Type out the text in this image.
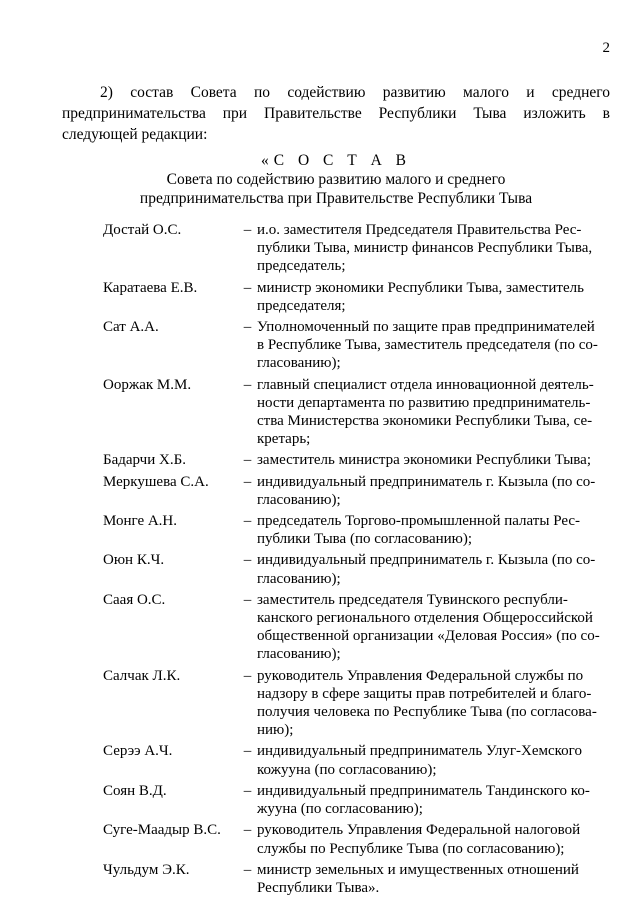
2
2) состав Совета по содействию развитию малого и среднего предпринимательства при Правительстве Республики Тыва изложить в следующей редакции:
«С О С Т А В
Совета по содействию развитию малого и среднего
предпринимательства при Правительстве Республики Тыва
Достай О.С.	– и.о. заместителя Председателя Правительства Рес-
публики Тыва, министр финансов Республики Тыва,
председатель;
Каратаева Е.В.	– министр экономики Республики Тыва, заместитель
председателя;
Сат А.А.	– Уполномоченный по защите прав предпринимателей
в Республике Тыва, заместитель председателя (по со-
гласованию);
Ооржак М.М.	– главный специалист отдела инновационной деятель-
ности департамента по развитию предприниматель-
ства Министерства экономики Республики Тыва, се-
кретарь;
Бадарчи Х.Б.	– заместитель министра экономики Республики Тыва;
Меркушева С.А.	– индивидуальный предприниматель г. Кызыла (по со-
гласованию);
Монге А.Н.	– председатель Торгово-промышленной палаты Рес-
публики Тыва (по согласованию);
Оюн К.Ч.	– индивидуальный предприниматель г. Кызыла (по со-
гласованию);
Саая О.С.	– заместитель председателя Тувинского республи-
канского регионального отделения Общероссийской
общественной организации «Деловая Россия» (по со-
гласованию);
Салчак Л.К.	– руководитель Управления Федеральной службы по
надзору в сфере защиты прав потребителей и благо-
получия человека по Республике Тыва (по согласова-
нию);
Серээ А.Ч.	– индивидуальный предприниматель Улуг-Хемского
кожууна (по согласованию);
Соян В.Д.	– индивидуальный предприниматель Тандинского ко-
жууна (по согласованию);
Суге-Маадыр В.С.	– руководитель Управления Федеральной налоговой
службы по Республике Тыва (по согласованию);
Чульдум Э.К.	– министр земельных и имущественных отношений
Республики Тыва».
